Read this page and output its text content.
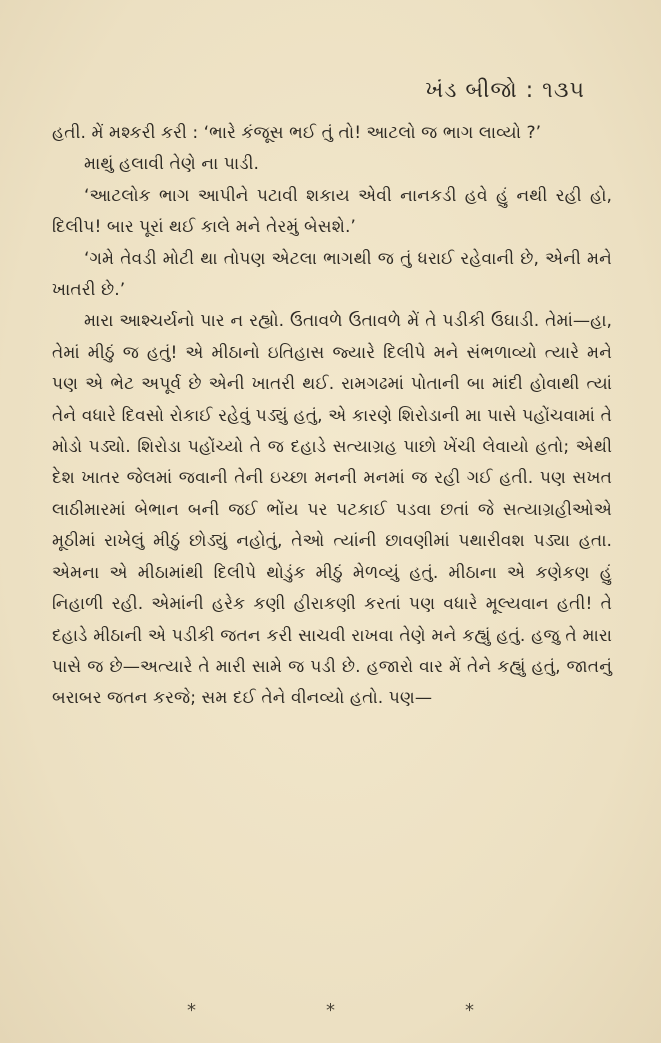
ખંડ બીજો : ૧૩૫

હતી. મેં મશ્કરી કરી : ‘ભારે કંજૂસ ભઈ તું તો! આટલો જ ભાગ લાવ્યો ?’

માથું હલાવી તેણે ના પાડી.

‘આટલોક ભાગ આપીને પટાવી શકાય એવી નાનકડી હવે હું નથી રહી હો, દિલીપ! બાર પૂરાં થઈ કાલે મને તેરમું બેસશે.’

‘ગમે તેવડી મોટી થા તોપણ એટલા ભાગથી જ તું ધરાઈ રહેવાની છે, એની મને ખાતરી છે.’

મારા આશ્ચર્યનો પાર ન રહ્યો. ઉતાવળે ઉતાવળે મેં તે પડીકી ઉઘાડી. તેમાં—હા, તેમાં મીઠું જ હતું! એ મીઠાનો ઇતિહાસ જ્યારે દિલીપે મને સંભળાવ્યો ત્યારે મને પણ એ ભેટ અપૂર્વ છે એની ખાતરી થઈ. રામગઢમાં પોતાની બા માંદી હોવાથી ત્યાં તેને વધારે દિવસો રોકાઈ રહેવું પડ્યું હતું, એ કારણે શિરોડાની મા પાસે પહોંચવામાં તે મોડો પડ્યો. શિરોડા પહોંચ્યો તે જ દહાડે સત્યાગ્રહ પાછો ખેંચી લેવાયો હતો; એથી દેશ ખાતર જેલમાં જવાની તેની ઇચ્છા મનની મનમાં જ રહી ગઈ હતી. પણ સખત લાઠીમારમાં બેભાન બની જઈ ભોંય પર પટકાઈ પડવા છતાં જે સત્યાગ્રહીઓએ મૂઠીમાં રાખેલું મીઠું છોડ્યું નહોતું, તેઓ ત્યાંની છાવણીમાં પથારીવશ પડ્યા હતા. એમના એ મીઠામાંથી દિલીપે થોડુંક મીઠું મેળવ્યું હતું. મીઠાના એ કણેકણ હું નિહાળી રહી. એમાંની હરેક કણી હીરાકણી કરતાં પણ વધારે મૂલ્યવાન હતી! તે દહાડે મીઠાની એ પડીકી જતન કરી સાચવી રાખવા તેણે મને કહ્યું હતું. હજુ તે મારા પાસે જ છે—અત્યારે તે મારી સામે જ પડી છે. હજારો વાર મેં તેને કહ્યું હતું, જાતનું બરાબર જતન કરજે; સમ દઈ તેને વીનવ્યો હતો. પણ—

*	*	*
